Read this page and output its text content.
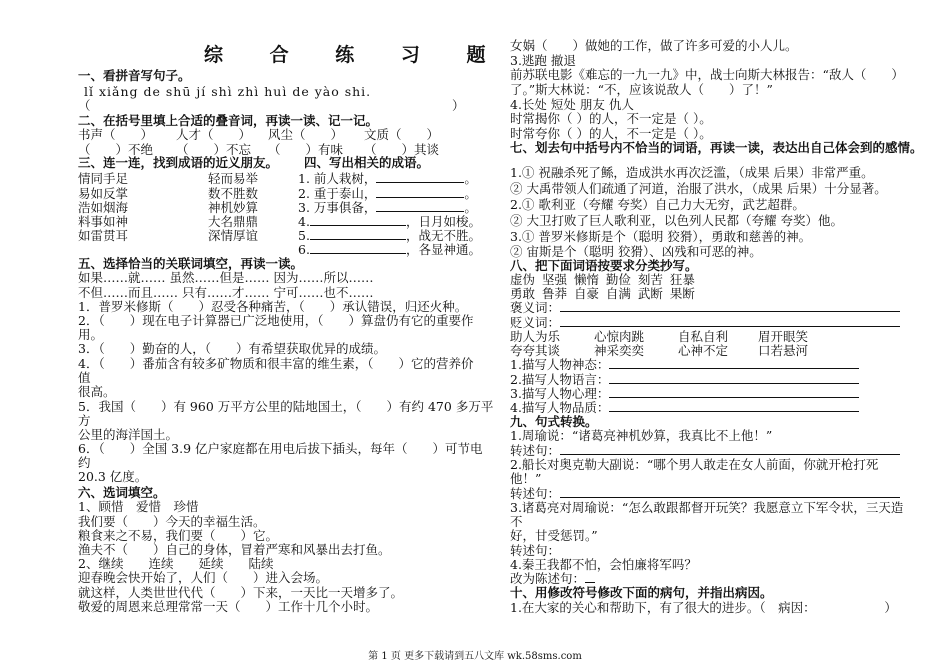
综 合 练 习 题
一、看拼音写句子。
lǐ xiǎng de shū jí shì zhì huì de yào shi.
（	）
二、在括号里填上合适的叠音词，再读一读、记一记。
书声（　　） 人才（　　） 风尘（　　） 文质（　　）
（　　）不绝 （　　）不忘 （　　）有味 （　　）其谈
三、连一连，找到成语的近义朋友。 四、写出相关的成语。
情同手足
易如反掌
浩如烟海
料事如神
如雷贯耳
轻而易举
数不胜数
神机妙算
大名鼎鼎
深情厚谊
1. 前人栽树，	。
2. 重于泰山，	。
3. 万事俱备，	。
4.	，日月如梭。
5.	，战无不胜。
6.	，各显神通。
五、选择恰当的关联词填空，再读一读。
如果……就…… 虽然……但是…… 因为……所以……
不但……而且…… 只有……才…… 宁可……也不……
1．普罗米修斯（　　）忍受各种痛苦，（　　）承认错误，归还火种。
2．（　　）现在电子计算器已广泛地使用，（　　）算盘仍有它的重要作
用。
3．（　　）勤奋的人，（　　）有希望获取优异的成绩。
4．（　　）番茄含有较多矿物质和很丰富的维生素，（　　）它的营养价
值
很高。
5．我国（　　）有 960 万平方公里的陆地国土，（　　）有约 470 多万平
方
公里的海洋国土。
6．（　　）全国 3.9 亿户家庭都在用电后拔下插头，每年（　　）可节电
约
20.3 亿度。
六、选词填空。
1、顾惜　爱惜　珍惜
我们要（　　）今天的幸福生活。
粮食来之不易，我们要（　　）它。
渔夫不（　　）自己的身体，冒着严寒和风暴出去打鱼。
2、继续　　连续　　延续　　陆续
迎春晚会快开始了，人们（　　）进入会场。
就这样，人类世世代代（　　）下来，一天比一天增多了。
敬爱的周恩来总理常常一天（　　）工作十几个小时。
女娲（　　）做她的工作，做了许多可爱的小人儿。
3.逃跑 撤退
前苏联电影《难忘的一九一九》中，战士向斯大林报告：“敌人（　　）
了。”斯大林说：“不，应该说敌人（　　）了！”
4.长处 短处 朋友 仇人
时常揭你（ ）的人，不一定是（ ）。
时常夸你（ ）的人，不一定是（ ）。
七、划去句中括号内不恰当的词语，再读一读，表达出自己体会到的感情。
1.① 祝融杀死了鲧，造成洪水再次泛滥，（成果 后果）非常严重。
② 大禹带领人们疏通了河道，治服了洪水，（成果 后果）十分显著。
2.① 歌利亚（夸耀 夸奖）自己力大无穷，武艺超群。
② 大卫打败了巨人歌利亚，以色列人民都（夸耀 夸奖）他。
3.① 普罗米修斯是个（聪明 狡猾），勇敢和慈善的神。
② 宙斯是个（聪明 狡猾）、凶残和可恶的神。
八、把下面词语按要求分类抄写。
虚伪 坚强 懒惰 勤俭 刻苦 狂暴
勇敢 鲁莽 自豪 自满 武断 果断
褒义词：
贬义词：
助人为乐	心惊肉跳	自私自利 眉开眼笑
夸夸其谈	神采奕奕	心神不定 口若悬河
1.描写人物神态：
2.描写人物语言：
3.描写人物心理：
4.描写人物品质：
九、句式转换。
1.周瑜说：“诸葛亮神机妙算，我真比不上他！”
转述句：
2.船长对奥克勒大副说：“哪个男人敢走在女人前面，你就开枪打死
他！”
转述句：
3.诸葛亮对周瑜说：“怎么敢跟都督开玩笑？我愿意立下军令状，三天造
不
好，甘受惩罚。”
转述句：
4.秦王我都不怕，会怕廉将军吗？
改为陈述句：
十、用修改符号修改下面的病句，并指出病因。
1.在大家的关心和帮助下，有了很大的进步。（　病因：　　　　　　）
第 1 页 更多下载请到五八文库 wk.58sms.com
